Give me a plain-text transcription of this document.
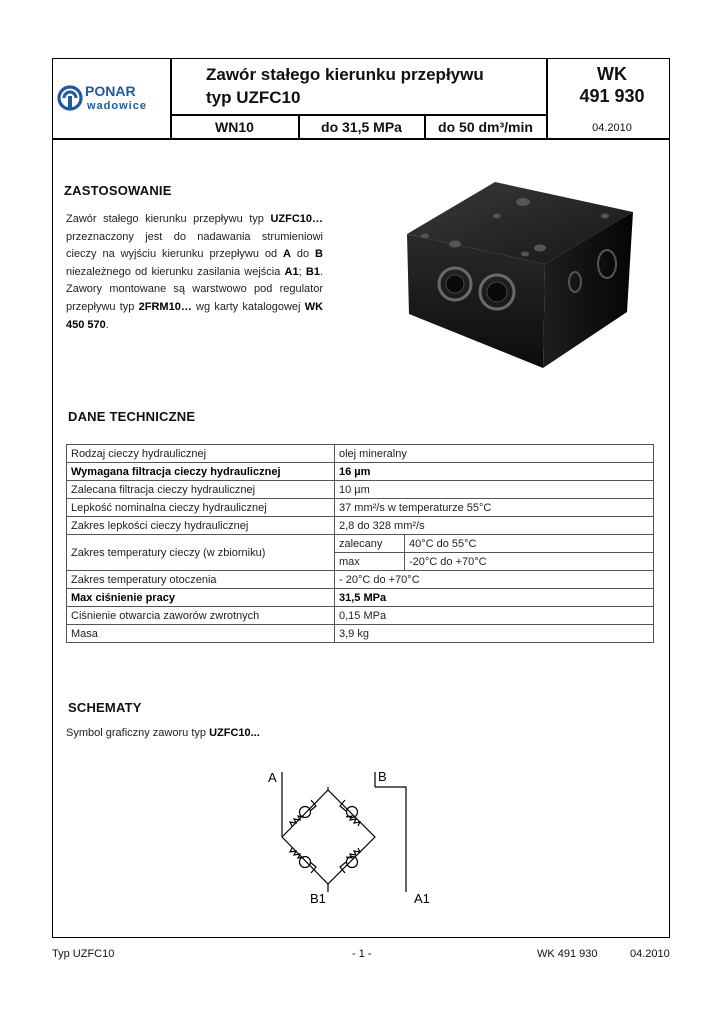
PONAR
wadowice
Zawór stałego kierunku przepływu
typ UZFC10
WK
491 930
WN10	do 31,5 MPa	do 50 dm³/min	04.2010
ZASTOSOWANIE

Zawór stałego kierunku przepływu typ UZFC10… przeznaczony jest do nadawania strumieniowi cieczy na wyjściu kierunku przepływu od A do B niezależnego od kierunku zasilania wejścia A1; B1. Zawory montowane są warstwowo pod regulator przepływu typ 2FRM10… wg karty katalogowej WK 450 570.

DANE TECHNICZNE
Rodzaj cieczy hydraulicznej	olej mineralny	
Wymagana filtracja cieczy hydraulicznej	16 µm	
Zalecana filtracja cieczy hydraulicznej	10 µm	
Lepkość nominalna cieczy hydraulicznej	37 mm²/s w temperaturze 55°C	
Zakres lepkości cieczy hydraulicznej	2,8 do 328 mm²/s	
Zakres temperatury cieczy (w zbiorniku)	zalecany	40°C do 55°C
	max	-20°C do +70°C
Zakres temperatury otoczenia	- 20°C do +70°C	
Max ciśnienie pracy	31,5 MPa	
Ciśnienie otwarcia zaworów zwrotnych	0,15 MPa	
Masa	3,9 kg	
SCHEMATY

Symbol graficzny zaworu typ UZFC10...

A	B
B1	A1
Typ UZFC10	- 1 -	WK 491 930	04.2010
